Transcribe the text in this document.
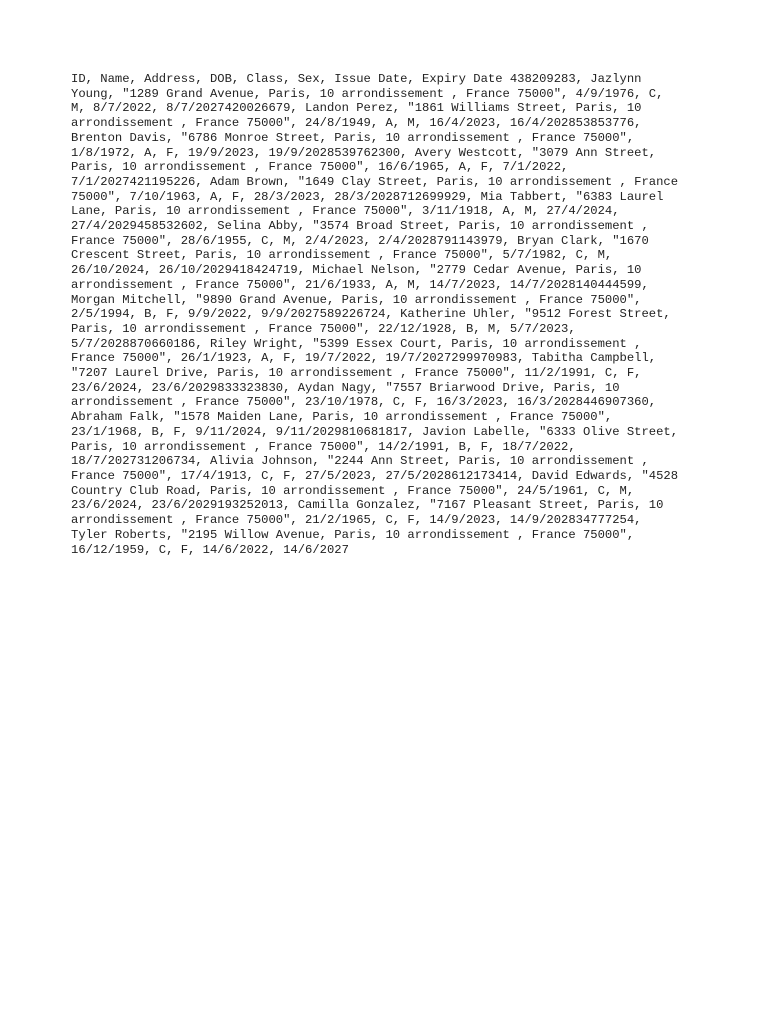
ID, Name, Address, DOB, Class, Sex, Issue Date, Expiry Date 438209283, Jazlynn
Young, "1289 Grand Avenue, Paris, 10 arrondissement , France 75000", 4/9/1976, C,
M, 8/7/2022, 8/7/2027420026679, Landon Perez, "1861 Williams Street, Paris, 10
arrondissement , France 75000", 24/8/1949, A, M, 16/4/2023, 16/4/202853853776,
Brenton Davis, "6786 Monroe Street, Paris, 10 arrondissement , France 75000",
1/8/1972, A, F, 19/9/2023, 19/9/2028539762300, Avery Westcott, "3079 Ann Street,
Paris, 10 arrondissement , France 75000", 16/6/1965, A, F, 7/1/2022,
7/1/2027421195226, Adam Brown, "1649 Clay Street, Paris, 10 arrondissement , France
75000", 7/10/1963, A, F, 28/3/2023, 28/3/2028712699929, Mia Tabbert, "6383 Laurel
Lane, Paris, 10 arrondissement , France 75000", 3/11/1918, A, M, 27/4/2024,
27/4/2029458532602, Selina Abby, "3574 Broad Street, Paris, 10 arrondissement ,
France 75000", 28/6/1955, C, M, 2/4/2023, 2/4/2028791143979, Bryan Clark, "1670
Crescent Street, Paris, 10 arrondissement , France 75000", 5/7/1982, C, M,
26/10/2024, 26/10/2029418424719, Michael Nelson, "2779 Cedar Avenue, Paris, 10
arrondissement , France 75000", 21/6/1933, A, M, 14/7/2023, 14/7/2028140444599,
Morgan Mitchell, "9890 Grand Avenue, Paris, 10 arrondissement , France 75000",
2/5/1994, B, F, 9/9/2022, 9/9/2027589226724, Katherine Uhler, "9512 Forest Street,
Paris, 10 arrondissement , France 75000", 22/12/1928, B, M, 5/7/2023,
5/7/2028870660186, Riley Wright, "5399 Essex Court, Paris, 10 arrondissement ,
France 75000", 26/1/1923, A, F, 19/7/2022, 19/7/2027299970983, Tabitha Campbell,
"7207 Laurel Drive, Paris, 10 arrondissement , France 75000", 11/2/1991, C, F,
23/6/2024, 23/6/2029833323830, Aydan Nagy, "7557 Briarwood Drive, Paris, 10
arrondissement , France 75000", 23/10/1978, C, F, 16/3/2023, 16/3/2028446907360,
Abraham Falk, "1578 Maiden Lane, Paris, 10 arrondissement , France 75000",
23/1/1968, B, F, 9/11/2024, 9/11/2029810681817, Javion Labelle, "6333 Olive Street,
Paris, 10 arrondissement , France 75000", 14/2/1991, B, F, 18/7/2022,
18/7/202731206734, Alivia Johnson, "2244 Ann Street, Paris, 10 arrondissement ,
France 75000", 17/4/1913, C, F, 27/5/2023, 27/5/2028612173414, David Edwards, "4528
Country Club Road, Paris, 10 arrondissement , France 75000", 24/5/1961, C, M,
23/6/2024, 23/6/2029193252013, Camilla Gonzalez, "7167 Pleasant Street, Paris, 10
arrondissement , France 75000", 21/2/1965, C, F, 14/9/2023, 14/9/202834777254,
Tyler Roberts, "2195 Willow Avenue, Paris, 10 arrondissement , France 75000",
16/12/1959, C, F, 14/6/2022, 14/6/2027
